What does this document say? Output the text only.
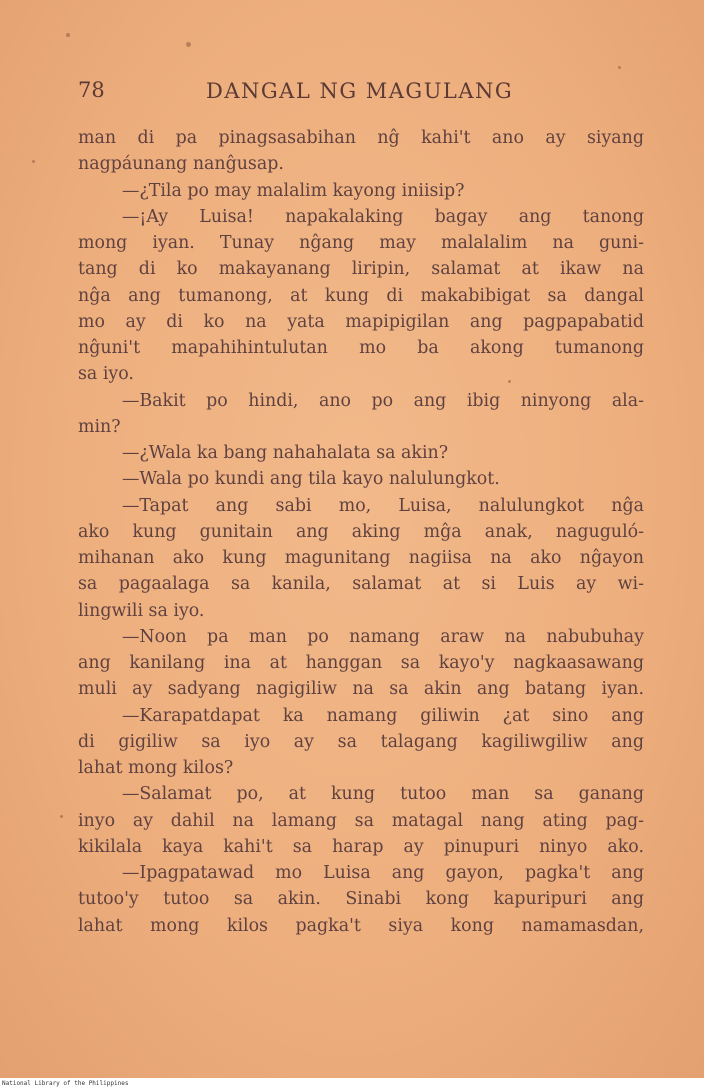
78	DANGAL NG MAGULANG
man di pa pinagsasabihan nĝ kahi't ano ay siyang
nagpáunang nanĝusap.
—¿Tila po may malalim kayong iniisip?
—¡Ay Luisa! napakalaking bagay ang tanong
mong iyan. Tunay nĝang may malalalim na guni-
tang di ko makayanang liripin, salamat at ikaw na
nĝa ang tumanong, at kung di makabibigat sa dangal
mo ay di ko na yata mapipigilan ang pagpapabatid
nĝuni't mapahihintulutan mo ba akong tumanong
sa iyo.
—Bakit po hindi, ano po ang ibig ninyong ala-
min?
—¿Wala ka bang nahahalata sa akin?
—Wala po kundi ang tila kayo nalulungkot.
—Tapat ang sabi mo, Luisa, nalulungkot nĝa
ako kung gunitain ang aking mĝa anak, naguguló-
mihanan ako kung magunitang nagiisa na ako nĝayon
sa pagaalaga sa kanila, salamat at si Luis ay wi-
lingwili sa iyo.
—Noon pa man po namang araw na nabubuhay
ang kanilang ina at hanggan sa kayo'y nagkaasawang
muli ay sadyang nagigiliw na sa akin ang batang iyan.
—Karapatdapat ka namang giliwin ¿at sino ang
di gigiliw sa iyo ay sa talagang kagiliwgiliw ang
lahat mong kilos?
—Salamat po, at kung tutoo man sa ganang
inyo ay dahil na lamang sa matagal nang ating pag-
kikilala kaya kahi't sa harap ay pinupuri ninyo ako.
—Ipagpatawad mo Luisa ang gayon, pagka't ang
tutoo'y tutoo sa akin. Sinabi kong kapuripuri ang
lahat mong kilos pagka't siya kong namamasdan,
National Library of the Philippines
